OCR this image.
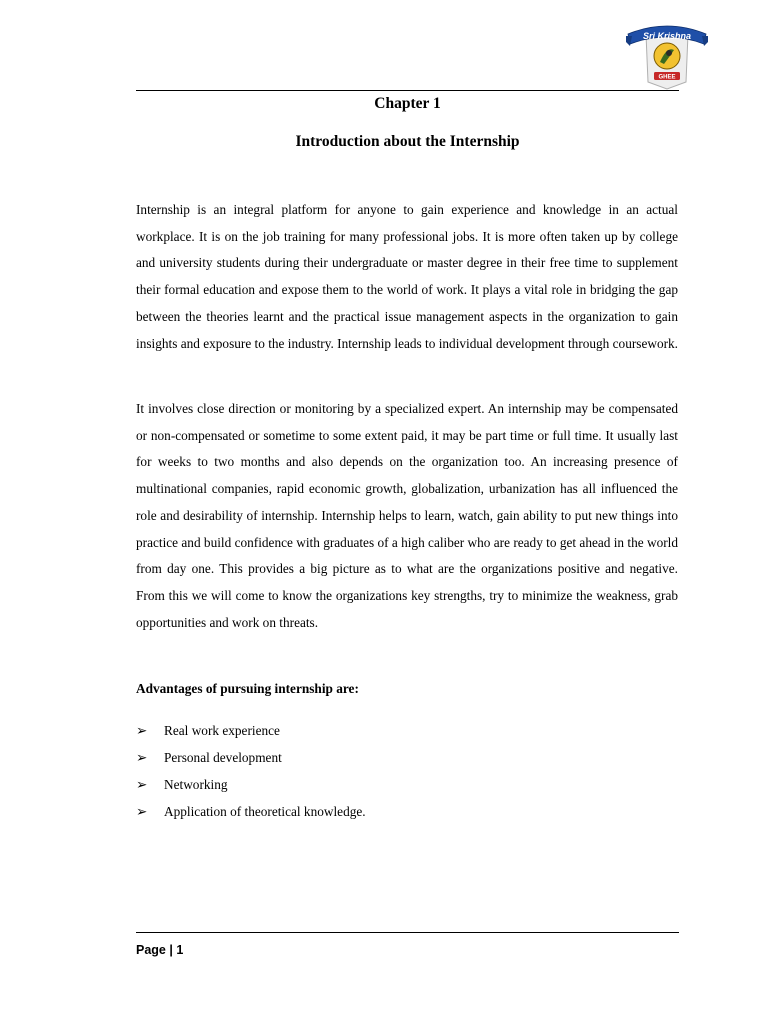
Sri Krishna
GHEE
Chapter 1
Introduction about the Internship

Internship is an integral platform for anyone to gain experience and knowledge in an actual workplace. It is on the job training for many professional jobs. It is more often taken up by college and university students during their undergraduate or master degree in their free time to supplement their formal education and expose them to the world of work. It plays a vital role in bridging the gap between the theories learnt and the practical issue management aspects in the organization to gain insights and exposure to the industry. Internship leads to individual development through coursework.

It involves close direction or monitoring by a specialized expert. An internship may be compensated or non-compensated or sometime to some extent paid, it may be part time or full time. It usually last for weeks to two months and also depends on the organization too. An increasing presence of multinational companies, rapid economic growth, globalization, urbanization has all influenced the role and desirability of internship. Internship helps to learn, watch, gain ability to put new things into practice and build confidence with graduates of a high caliber who are ready to get ahead in the world from day one. This provides a big picture as to what are the organizations positive and negative. From this we will come to know the organizations key strengths, try to minimize the weakness, grab opportunities and work on threats.

Advantages of pursuing internship are:
➢	Real work experience
➢	Personal development
➢	Networking
➢	Application of theoretical knowledge.
Page | 1
